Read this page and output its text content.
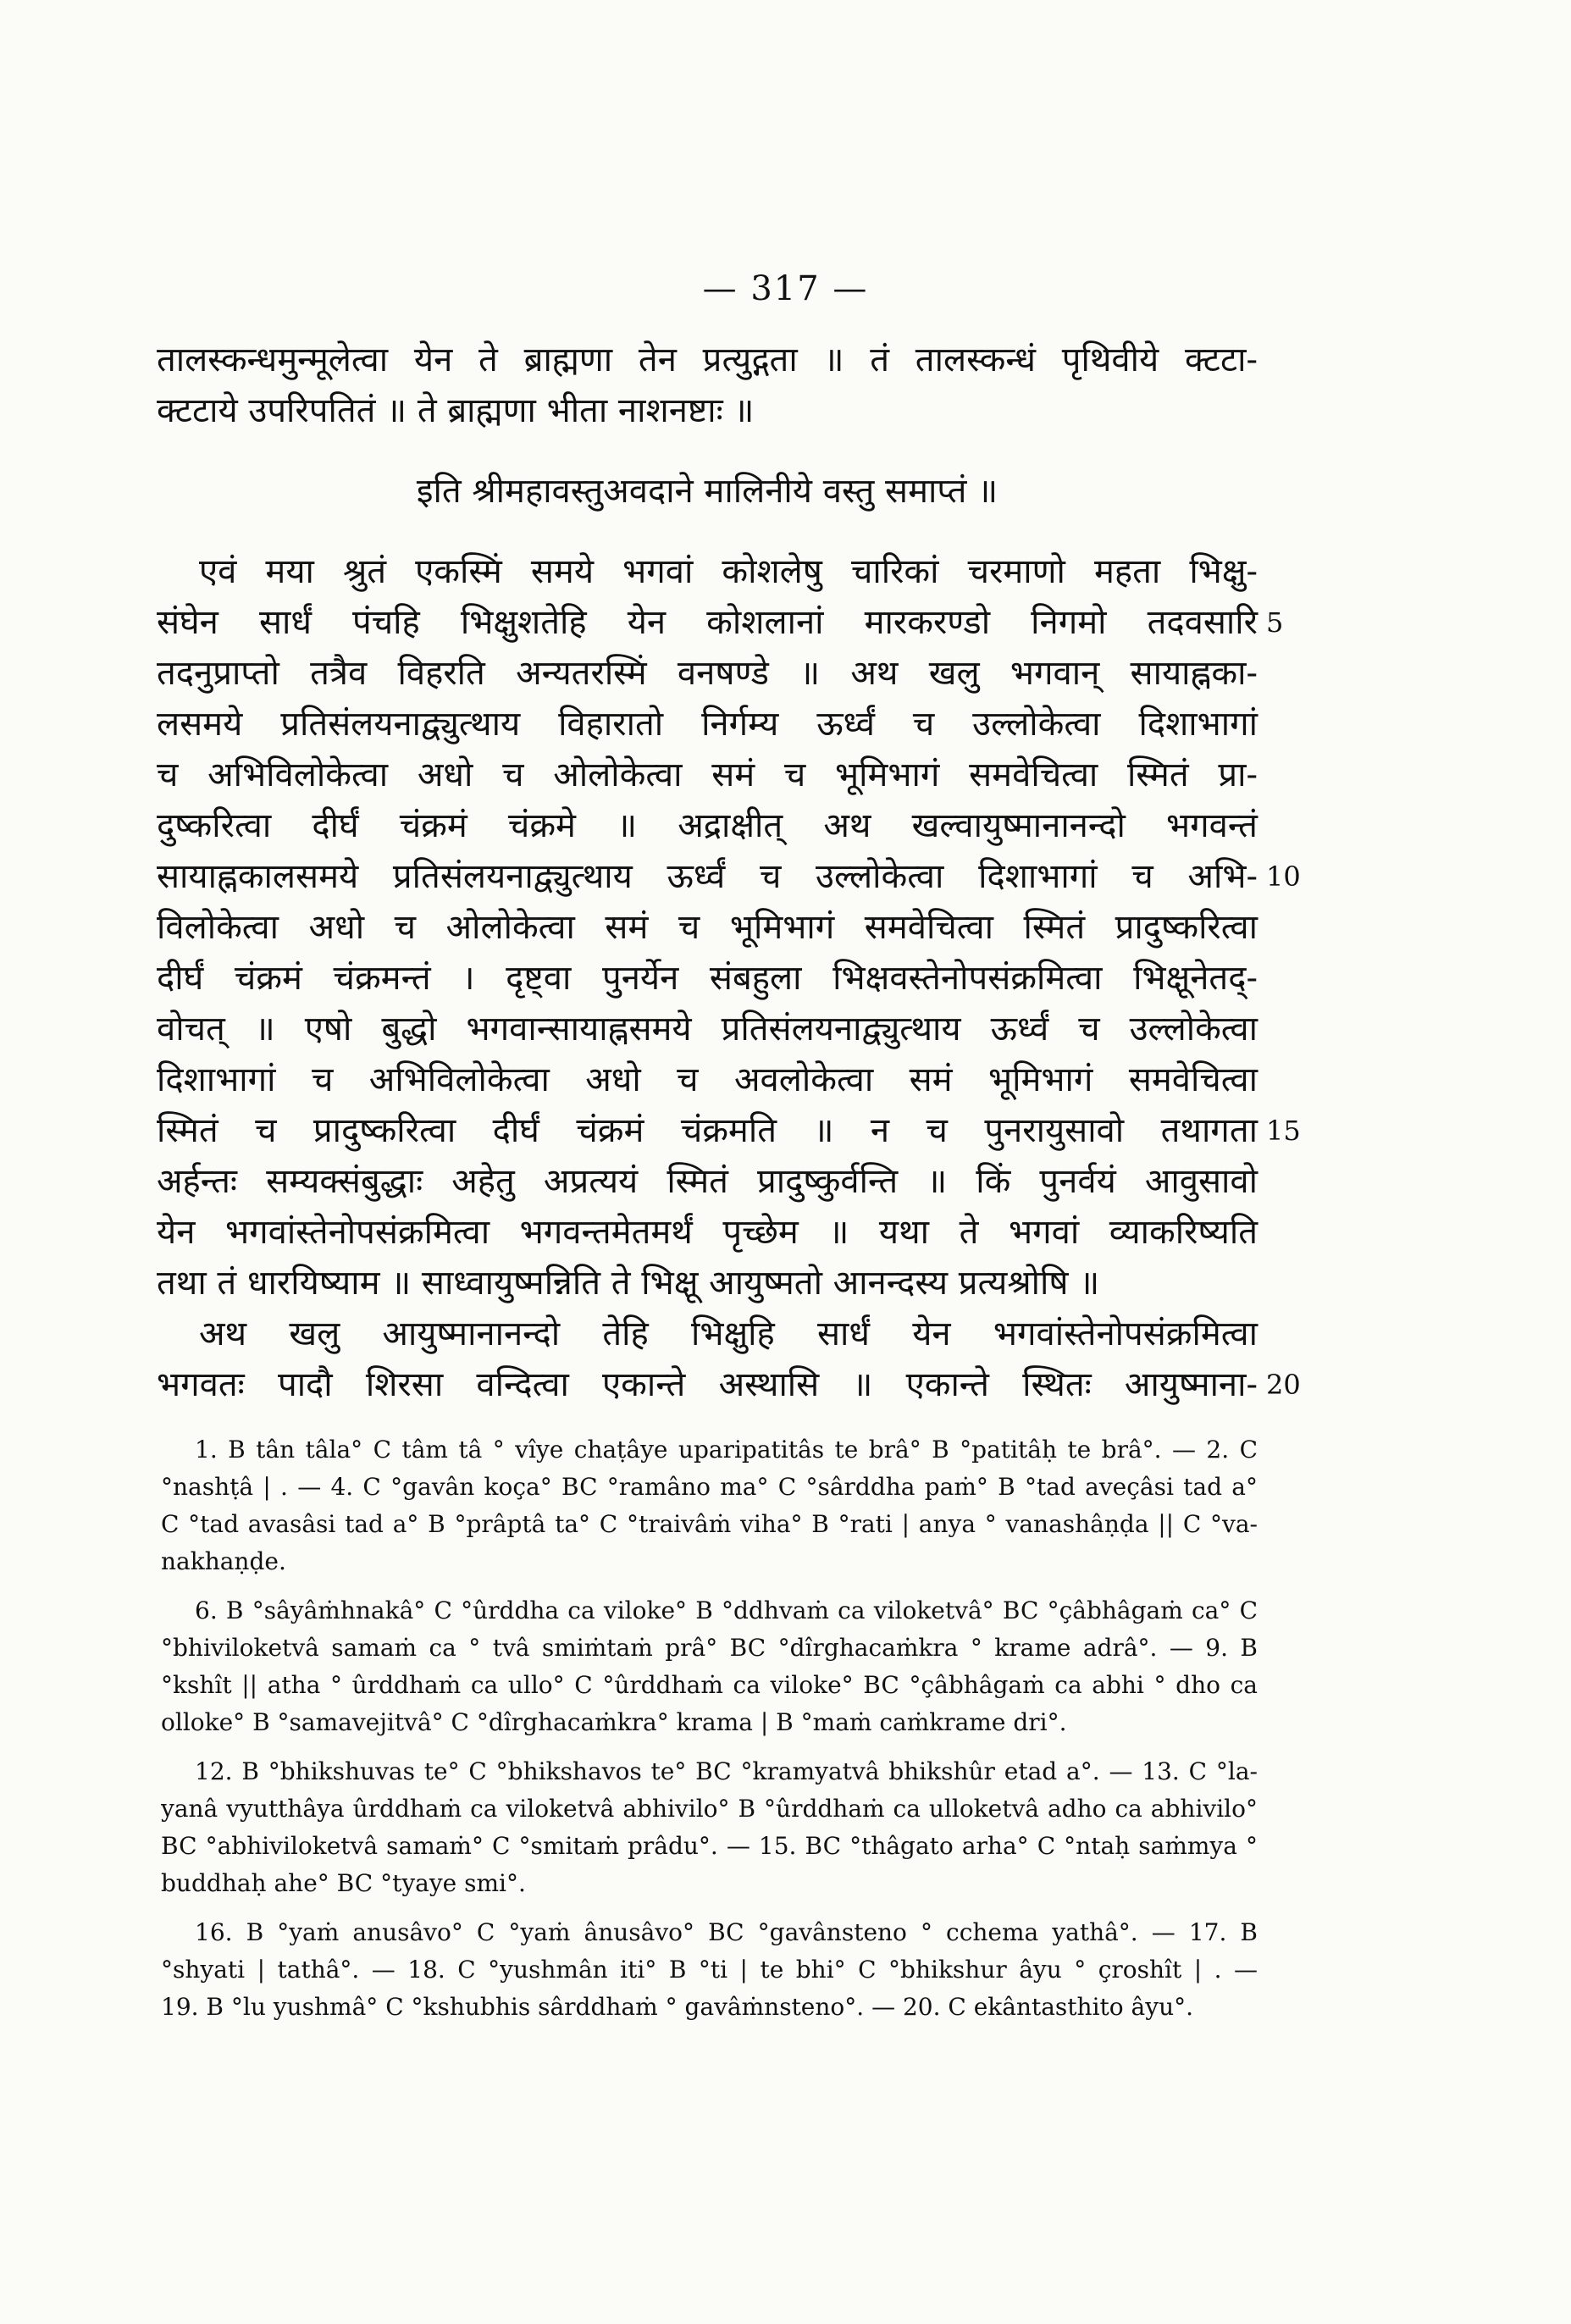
— 317 —
तालस्कन्धमुन्मूलेत्वा येन ते ब्राह्मणा तेन प्रत्युद्गता ॥ तं तालस्कन्धं पृथिवीये क्टटा-
क्टटाये उपरिपतितं ॥ ते ब्राह्मणा भीता नाशनष्टाः ॥
इति श्रीमहावस्तुअवदाने मालिनीये वस्तु समाप्तं ॥
एवं मया श्रुतं एकस्मिं समये भगवां कोशलेषु चारिकां चरमाणो महता भिक्षु-
संघेन सार्धं पंचहि भिक्षुशतेहि येन कोशलानां मारकरण्डो निगमो तदवसारि 5
तदनुप्राप्तो तत्रैव विहरति अन्यतरस्मिं वनषण्डे ॥ अथ खलु भगवान् सायाह्नका-
लसमये प्रतिसंलयनाद्व्युत्थाय विहारातो निर्गम्य ऊर्ध्वं च उल्लोकेत्वा दिशाभागां
च अभिविलोकेत्वा अधो च ओलोकेत्वा समं च भूमिभागं समवेचित्वा स्मितं प्रा-
दुष्करित्वा दीर्घं चंक्रमं चंक्रमे ॥ अद्राक्षीत् अथ खल्वायुष्मानानन्दो भगवन्तं
सायाह्नकालसमये प्रतिसंलयनाद्व्युत्थाय ऊर्ध्वं च उल्लोकेत्वा दिशाभागां च अभि- 10
विलोकेत्वा अधो च ओलोकेत्वा समं च भूमिभागं समवेचित्वा स्मितं प्रादुष्करित्वा
दीर्घं चंक्रमं चंक्रमन्तं । दृष्ट्वा पुनर्येन संबहुला भिक्षवस्तेनोपसंक्रमित्वा भिक्षूनेतद्-
वोचत् ॥ एषो बुद्धो भगवान्सायाह्नसमये प्रतिसंलयनाद्व्युत्थाय ऊर्ध्वं च उल्लोकेत्वा
दिशाभागां च अभिविलोकेत्वा अधो च अवलोकेत्वा समं भूमिभागं समवेचित्वा
स्मितं च प्रादुष्करित्वा दीर्घं चंक्रमं चंक्रमति ॥ न च पुनरायुसावो तथागता 15
अर्हन्तः सम्यक्संबुद्धाः अहेतु अप्रत्ययं स्मितं प्रादुष्कुर्वन्ति ॥ किं पुनर्वयं आवुसावो
येन भगवांस्तेनोपसंक्रमित्वा भगवन्तमेतमर्थं पृच्छेम ॥ यथा ते भगवां व्याकरिष्यति
तथा तं धारयिष्याम ॥ साध्वायुष्मन्निति ते भिक्षू आयुष्मतो आनन्दस्य प्रत्यश्रोषि ॥
अथ खलु आयुष्मानानन्दो तेहि भिक्षुहि सार्धं येन भगवांस्तेनोपसंक्रमित्वा
भगवतः पादौ शिरसा वन्दित्वा एकान्ते अस्थासि ॥ एकान्ते स्थितः आयुष्माना- 20
1. B tân tâla° C tâm tâ ° vîye chaṭâye uparipatitâs te brâ° B °patitâḥ te brâ°. — 2. C
°nashṭâ | . — 4. C °gavân koça° BC °ramâno ma° C °sârddha paṁ° B °tad aveçâsi tad a°
C °tad avasâsi tad a° B °prâptâ ta° C °traivâṁ viha° B °rati | anya ° vanashâṇḍa || C °va-
nakhaṇḍe.
6. B °sâyâṁhnakâ° C °ûrddha ca viloke° B °ddhvaṁ ca viloketvâ° BC °çâbhâgaṁ ca° C
°bhiviloketvâ samaṁ ca ° tvâ smiṁtaṁ prâ° BC °dîrghacaṁkra ° krame adrâ°. — 9. B
°kshît || atha ° ûrddhaṁ ca ullo° C °ûrddhaṁ ca viloke° BC °çâbhâgaṁ ca abhi ° dho ca
olloke° B °samavejitvâ° C °dîrghacaṁkra° krama | B °maṁ caṁkrame dri°.
12. B °bhikshuvas te° C °bhikshavos te° BC °kramyatvâ bhikshûr etad a°. — 13. C °la-
yanâ vyutthâya ûrddhaṁ ca viloketvâ abhivilo° B °ûrddhaṁ ca ulloketvâ adho ca abhivilo°
BC °abhiviloketvâ samaṁ° C °smitaṁ prâdu°. — 15. BC °thâgato arha° C °ntaḥ saṁmya °
buddhaḥ ahe° BC °tyaye smi°.
16. B °yaṁ anusâvo° C °yaṁ ânusâvo° BC °gavânsteno ° cchema yathâ°. — 17. B
°shyati | tathâ°. — 18. C °yushmân iti° B °ti | te bhi° C °bhikshur âyu ° çroshît | . —
19. B °lu yushmâ° C °kshubhis sârddhaṁ ° gavâṁnsteno°. — 20. C ekântasthito âyu°.
